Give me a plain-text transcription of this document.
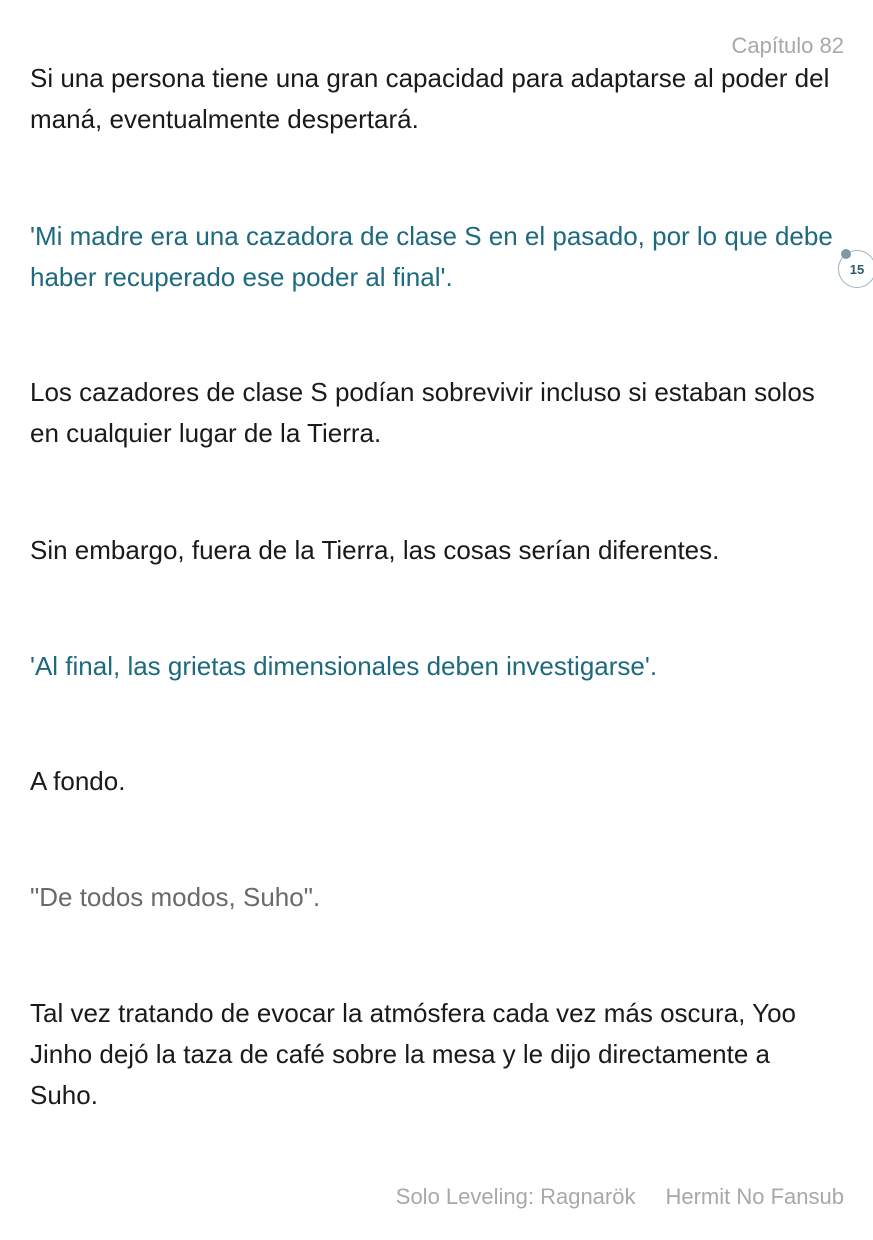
Capítulo 82

Si una persona tiene una gran capacidad para adaptarse al poder del maná, eventualmente despertará.

'Mi madre era una cazadora de clase S en el pasado, por lo que debe haber recuperado ese poder al final'.

Los cazadores de clase S podían sobrevivir incluso si estaban solos en cualquier lugar de la Tierra.

Sin embargo, fuera de la Tierra, las cosas serían diferentes.

'Al final, las grietas dimensionales deben investigarse'.

A fondo.

"De todos modos, Suho".

Tal vez tratando de evocar la atmósfera cada vez más oscura, Yoo Jinho dejó la taza de café sobre la mesa y le dijo directamente a Suho.

15
Solo Leveling: Ragnarök Hermit No Fansub
